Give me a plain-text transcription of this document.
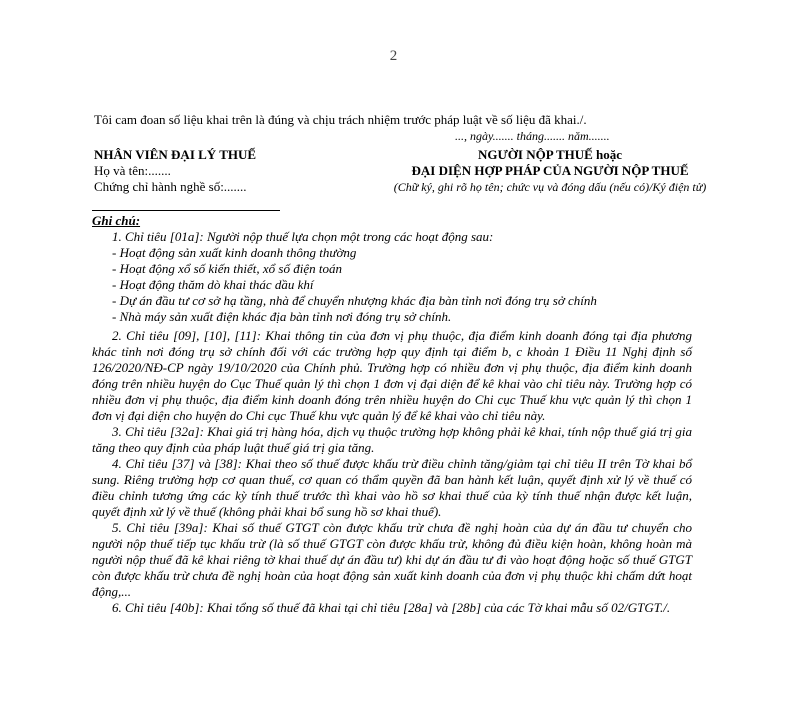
2
Tôi cam đoan số liệu khai trên là đúng và chịu trách nhiệm trước pháp luật về số liệu đã khai./.
..., ngày....... tháng....... năm.......
NHÂN VIÊN ĐẠI LÝ THUẾ
Họ và tên:.......
Chứng chỉ hành nghề số:.......
NGƯỜI NỘP THUẾ hoặc
ĐẠI DIỆN HỢP PHÁP CỦA NGƯỜI NỘP THUẾ
(Chữ ký, ghi rõ họ tên; chức vụ và đóng dấu (nếu có)/Ký điện tử)
Ghi chú:
1. Chỉ tiêu [01a]: Người nộp thuế lựa chọn một trong các hoạt động sau:
- Hoạt động sản xuất kinh doanh thông thường
- Hoạt động xổ số kiến thiết, xổ số điện toán
- Hoạt động thăm dò khai thác dầu khí
- Dự án đầu tư cơ sở hạ tầng, nhà để chuyển nhượng khác địa bàn tỉnh nơi đóng trụ sở chính
- Nhà máy sản xuất điện khác địa bàn tỉnh nơi đóng trụ sở chính.
2. Chỉ tiêu [09], [10], [11]: Khai thông tin của đơn vị phụ thuộc, địa điểm kinh doanh đóng tại địa phương khác tỉnh nơi đóng trụ sở chính đối với các trường hợp quy định tại điểm b, c khoản 1 Điều 11 Nghị định số 126/2020/NĐ-CP ngày 19/10/2020 của Chính phủ. Trường hợp có nhiều đơn vị phụ thuộc, địa điểm kinh doanh đóng trên nhiều huyện do Cục Thuế quản lý thì chọn 1 đơn vị đại diện để kê khai vào chỉ tiêu này. Trường hợp có nhiều đơn vị phụ thuộc, địa điểm kinh doanh đóng trên nhiều huyện do Chi cục Thuế khu vực quản lý thì chọn 1 đơn vị đại diện cho huyện do Chi cục Thuế khu vực quản lý để kê khai vào chỉ tiêu này.
3. Chỉ tiêu [32a]: Khai giá trị hàng hóa, dịch vụ thuộc trường hợp không phải kê khai, tính nộp thuế giá trị gia tăng theo quy định của pháp luật thuế giá trị gia tăng.
4. Chỉ tiêu [37] và [38]: Khai theo số thuế được khấu trừ điều chỉnh tăng/giảm tại chỉ tiêu II trên Tờ khai bổ sung. Riêng trường hợp cơ quan thuế, cơ quan có thẩm quyền đã ban hành kết luận, quyết định xử lý về thuế có điều chỉnh tương ứng các kỳ tính thuế trước thì khai vào hồ sơ khai thuế của kỳ tính thuế nhận được kết luận, quyết định xử lý về thuế (không phải khai bổ sung hồ sơ khai thuế).
5. Chỉ tiêu [39a]: Khai số thuế GTGT còn được khấu trừ chưa đề nghị hoàn của dự án đầu tư chuyển cho người nộp thuế tiếp tục khấu trừ (là số thuế GTGT còn được khấu trừ, không đủ điều kiện hoàn, không hoàn mà người nộp thuế đã kê khai riêng tờ khai thuế dự án đầu tư) khi dự án đầu tư đi vào hoạt động hoặc số thuế GTGT còn được khấu trừ chưa đề nghị hoàn của hoạt động sản xuất kinh doanh của đơn vị phụ thuộc khi chấm dứt hoạt động,...
6. Chỉ tiêu [40b]: Khai tổng số thuế đã khai tại chỉ tiêu [28a] và [28b] của các Tờ khai mẫu số 02/GTGT./.
